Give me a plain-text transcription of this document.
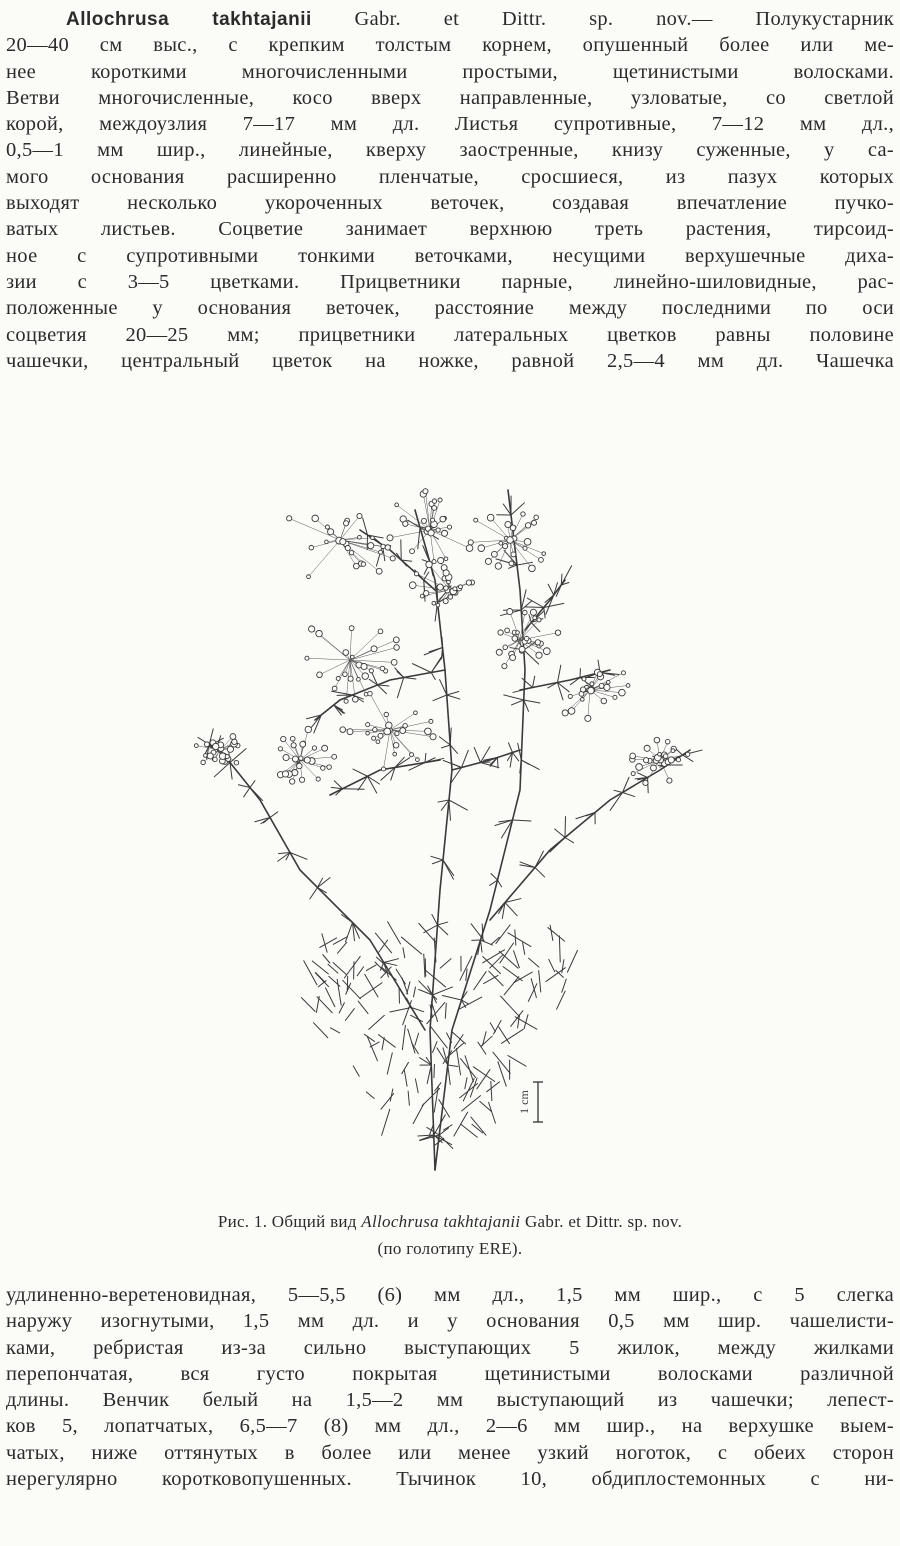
Allochrusa takhtajanii Gabr. et Dittr. sp. nov.— Полукустарник
20—40 см выс., с крепким толстым корнем, опушенный более или ме-
нее короткими многочисленными простыми, щетинистыми волосками.
Ветви многочисленные, косо вверх направленные, узловатые, со светлой
корой, междоузлия 7—17 мм дл. Листья супротивные, 7—12 мм дл.,
0,5—1 мм шир., линейные, кверху заостренные, книзу суженные, у са-
мого основания расширенно пленчатые, сросшиеся, из пазух которых
выходят несколько укороченных веточек, создавая впечатление пучко-
ватых листьев. Соцветие занимает верхнюю треть растения, тирсоид-
ное с супротивными тонкими веточками, несущими верхушечные диха-
зии с 3—5 цветками. Прицветники парные, линейно-шиловидные, рас-
положенные у основания веточек, расстояние между последними по оси
соцветия 20—25 мм; прицветники латеральных цветков равны половине
чашечки, центральный цветок на ножке, равной 2,5—4 мм дл. Чашечка
1 cm
Рис. 1. Общий вид Allochrusa takhtajanii Gabr. et Dittr. sp. nov.
(по голотипу ERE).
удлиненно-веретеновидная, 5—5,5 (6) мм дл., 1,5 мм шир., с 5 слегка
наружу изогнутыми, 1,5 мм дл. и у основания 0,5 мм шир. чашелисти-
ками, ребристая из-за сильно выступающих 5 жилок, между жилками
перепончатая, вся густо покрытая щетинистыми волосками различной
длины. Венчик белый на 1,5—2 мм выступающий из чашечки; лепест-
ков 5, лопатчатых, 6,5—7 (8) мм дл., 2—6 мм шир., на верхушке выем-
чатых, ниже оттянутых в более или менее узкий ноготок, с обеих сторон
нерегулярно коротковопушенных. Тычинок 10, обдиплостемонных с ни-
